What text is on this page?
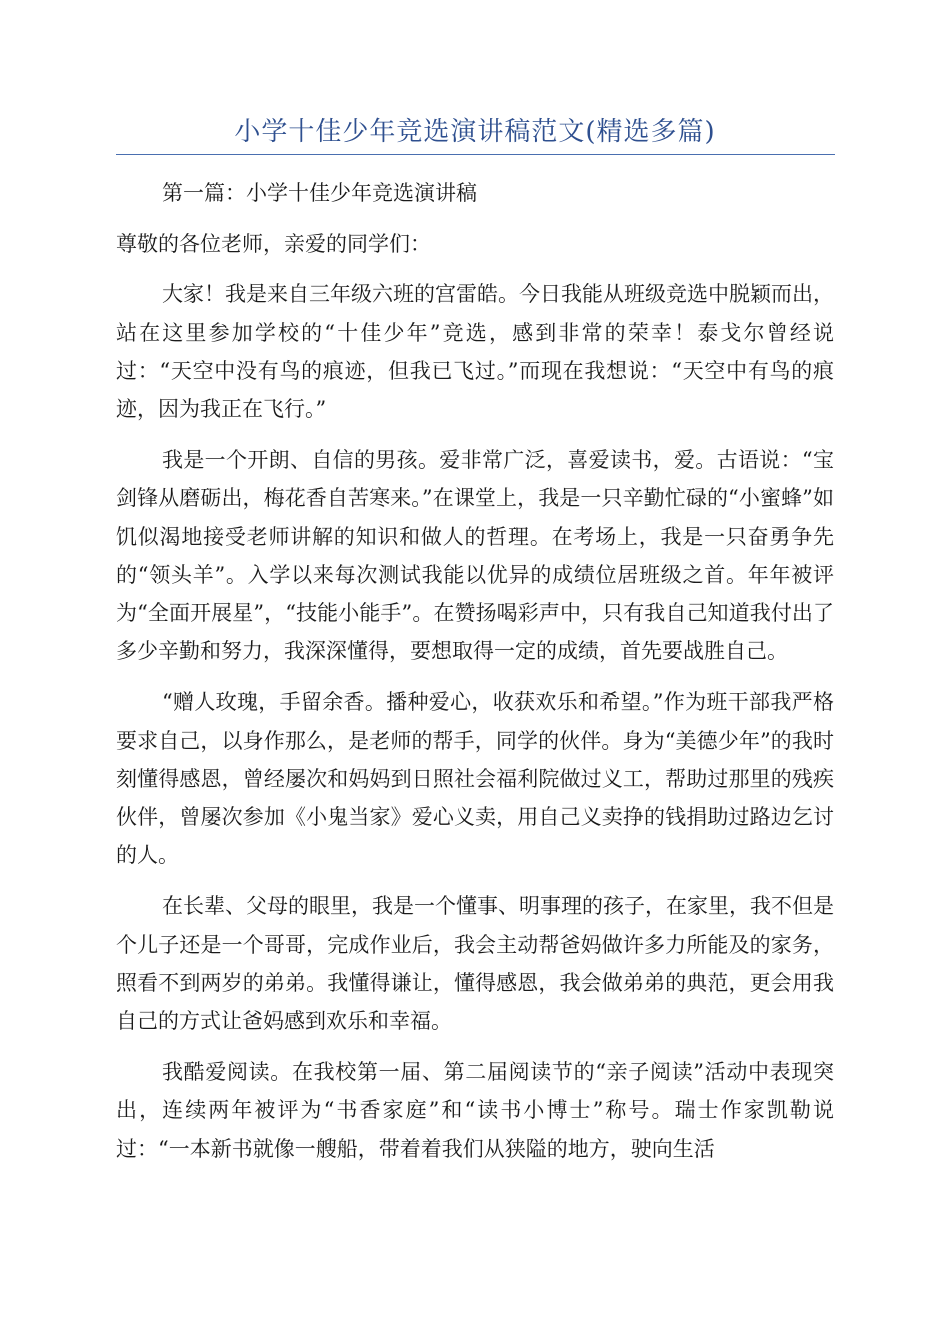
小学十佳少年竞选演讲稿范文(精选多篇)

第一篇：小学十佳少年竞选演讲稿

尊敬的各位老师，亲爱的同学们：

大家！我是来自三年级六班的宫雷皓。今日我能从班级竞选中脱颖而出，站在这里参加学校的“十佳少年”竞选，感到非常的荣幸！泰戈尔曾经说过：“天空中没有鸟的痕迹，但我已飞过。”而现在我想说：“天空中有鸟的痕迹，因为我正在飞行。”

我是一个开朗、自信的男孩。爱非常广泛，喜爱读书，爱。古语说：“宝剑锋从磨砺出，梅花香自苦寒来。”在课堂上，我是一只辛勤忙碌的“小蜜蜂”如饥似渴地接受老师讲解的知识和做人的哲理。在考场上，我是一只奋勇争先的“领头羊”。入学以来每次测试我能以优异的成绩位居班级之首。年年被评为“全面开展星”，“技能小能手”。在赞扬喝彩声中，只有我自己知道我付出了多少辛勤和努力，我深深懂得，要想取得一定的成绩，首先要战胜自己。

“赠人玫瑰，手留余香。播种爱心，收获欢乐和希望。”作为班干部我严格要求自己，以身作那么，是老师的帮手，同学的伙伴。身为“美德少年”的我时刻懂得感恩，曾经屡次和妈妈到日照社会福利院做过义工，帮助过那里的残疾伙伴，曾屡次参加《小鬼当家》爱心义卖，用自己义卖挣的钱捐助过路边乞讨的人。

在长辈、父母的眼里，我是一个懂事、明事理的孩子，在家里，我不但是个儿子还是一个哥哥，完成作业后，我会主动帮爸妈做许多力所能及的家务，照看不到两岁的弟弟。我懂得谦让，懂得感恩，我会做弟弟的典范，更会用我自己的方式让爸妈感到欢乐和幸福。

我酷爱阅读。在我校第一届、第二届阅读节的“亲子阅读”活动中表现突出，连续两年被评为“书香家庭”和“读书小博士”称号。瑞士作家凯勒说过：“一本新书就像一艘船，带着着我们从狭隘的地方，驶向生活
